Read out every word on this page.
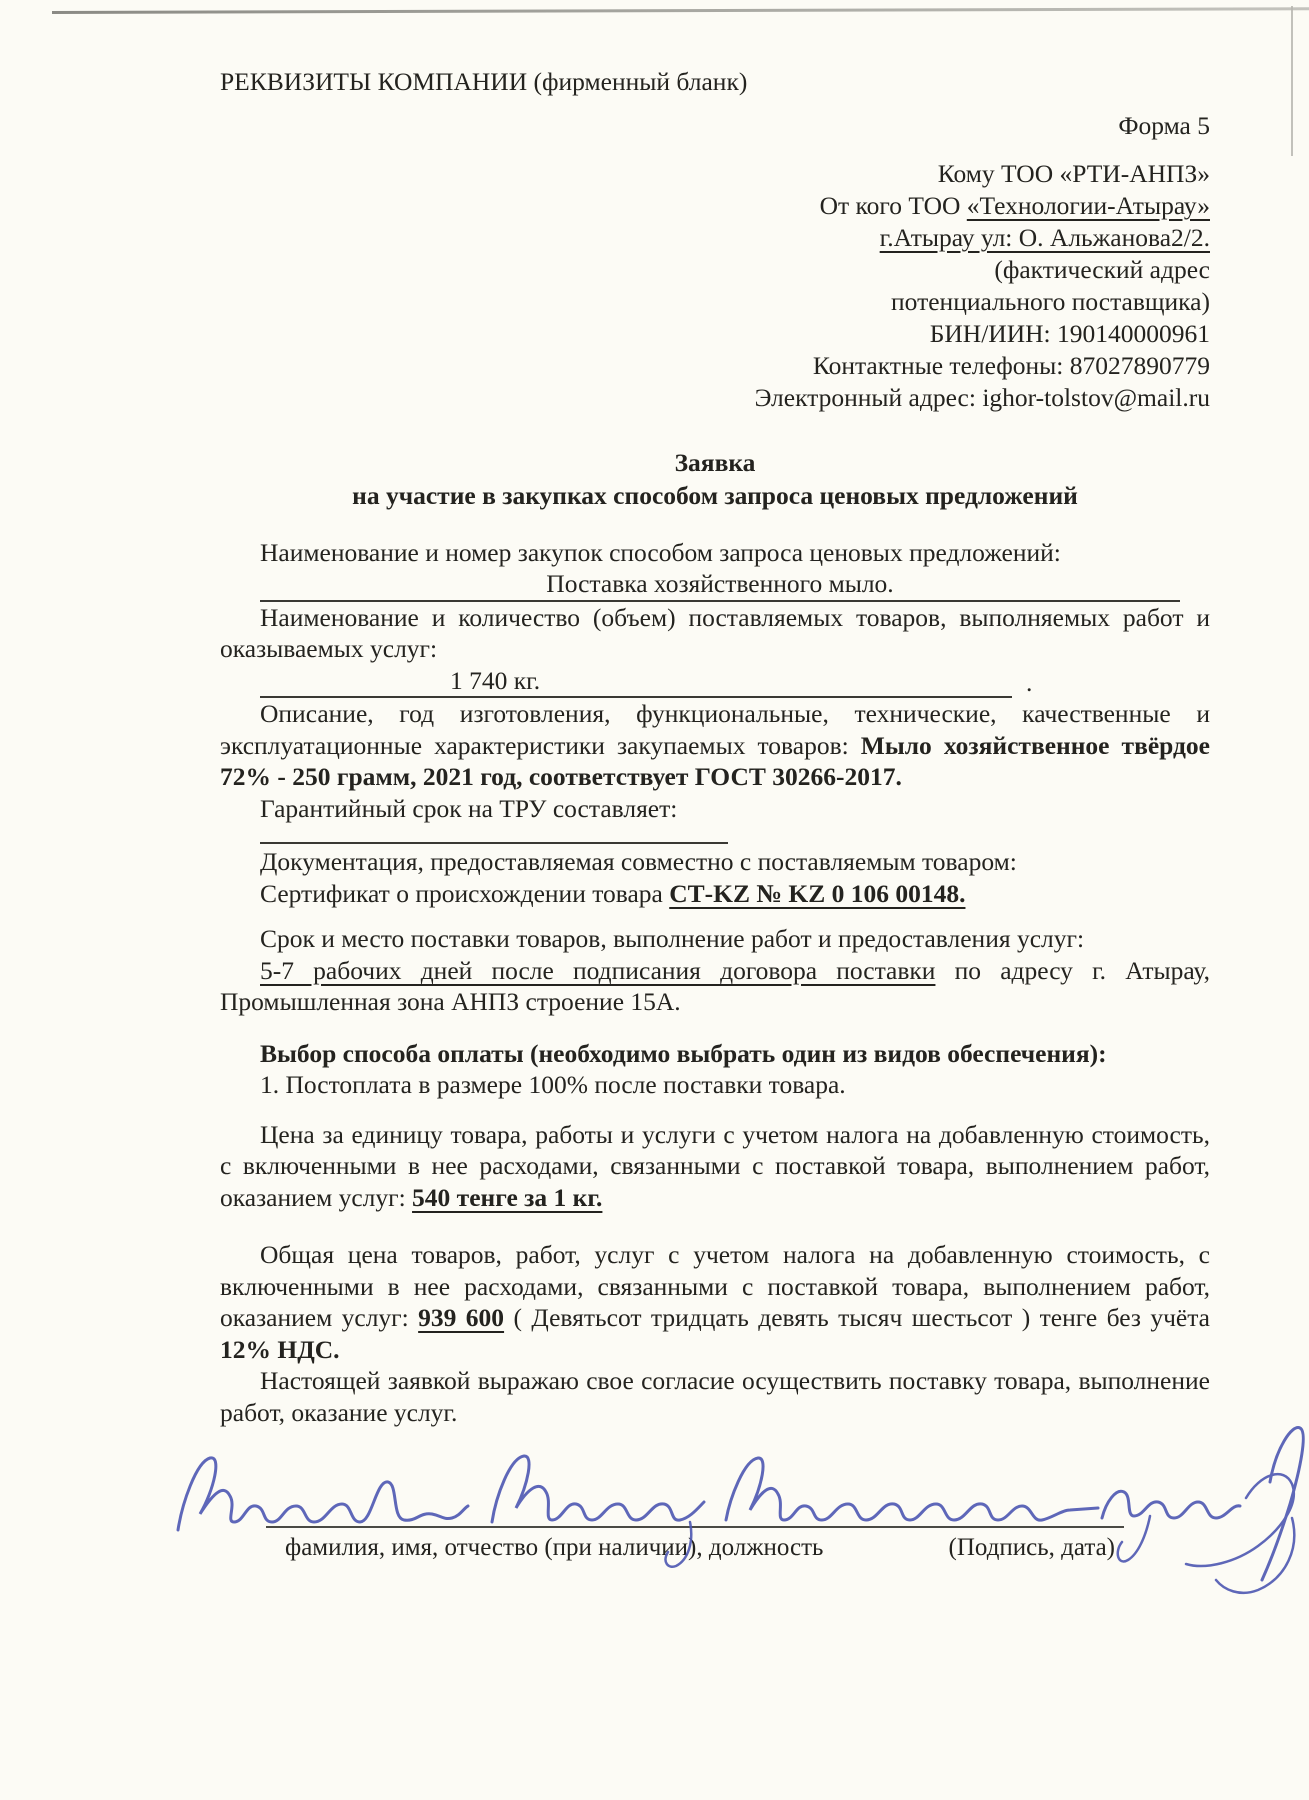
РЕКВИЗИТЫ КОМПАНИИ (фирменный бланк)
Форма 5
Кому ТОО «РТИ-АНПЗ»
От кого ТОО «Технологии-Атырау»
г.Атырау ул: О. Альжанова2/2.
(фактический адрес
потенциального поставщика)
БИН/ИИН: 190140000961
Контактные телефоны: 87027890779
Электронный адрес: ighor-tolstov@mail.ru
Заявка
на участие в закупках способом запроса ценовых предложений

Наименование и номер закупок способом запроса ценовых предложений:

Поставка хозяйственного мыло.

Наименование и количество (объем) поставляемых товаров, выполняемых работ и оказываемых услуг:

1 740 кг.	.

Описание, год изготовления, функциональные, технические, качественные и эксплуатационные характеристики закупаемых товаров: Мыло хозяйственное твёрдое 72% - 250 грамм, 2021 год, соответствует ГОСТ 30266-2017.

Гарантийный срок на ТРУ составляет:

Документация, предоставляемая совместно с поставляемым товаром:

Сертификат о происхождении товара СТ-KZ № KZ 0 106 00148.

Срок и место поставки товаров, выполнение работ и предоставления услуг:

5-7 рабочих дней после подписания договора поставки по адресу г. Атырау, Промышленная зона АНПЗ строение 15А.

Выбор способа оплаты (необходимо выбрать один из видов обеспечения):

1. Постоплата в размере 100% после поставки товара.

Цена за единицу товара, работы и услуги с учетом налога на добавленную стоимость, с включенными в нее расходами, связанными с поставкой товара, выполнением работ, оказанием услуг: 540 тенге за 1 кг.

Общая цена товаров, работ, услуг с учетом налога на добавленную стоимость, с включенными в нее расходами, связанными с поставкой товара, выполнением работ, оказанием услуг: 939 600 ( Девятьсот тридцать девять тысяч шестьсот ) тенге без учёта 12% НДС.

Настоящей заявкой выражаю свое согласие осуществить поставку товара, выполнение работ, оказание услуг.

фамилия, имя, отчество (при наличии), должность	(Подпись, дата)
